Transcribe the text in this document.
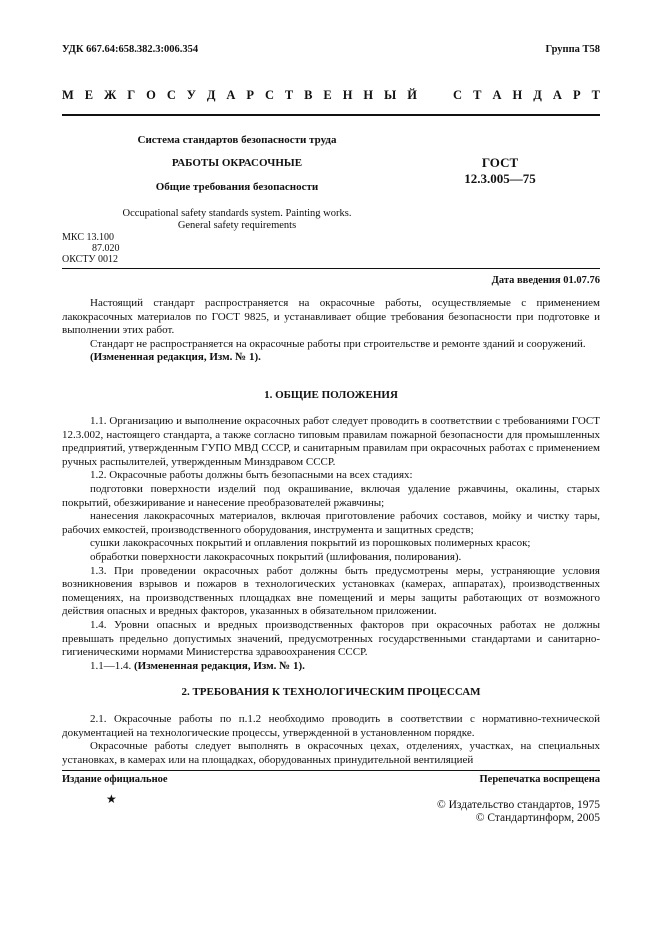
УДК 667.64:658.382.3:006.354	Группа Т58
М Е Ж Г О С У Д А Р С Т В Е Н Н Ы Й	С Т А Н Д А Р Т
Система стандартов безопасности труда
РАБОТЫ ОКРАСОЧНЫЕ
Общие требования безопасности
Occupational safety standards system. Painting works.
General safety requirements
ГОСТ
12.3.005—75
МКС 13.100
87.020
ОКСТУ 0012
Дата введения 01.07.76

Настоящий стандарт распространяется на окрасочные работы, осуществляемые с применением лакокрасочных материалов по ГОСТ 9825, и устанавливает общие требования безопасности при подготовке и выполнении этих работ.

Стандарт не распространяется на окрасочные работы при строительстве и ремонте зданий и сооружений.

(Измененная редакция, Изм. № 1).

1. ОБЩИЕ ПОЛОЖЕНИЯ

1.1. Организацию и выполнение окрасочных работ следует проводить в соответствии с требованиями ГОСТ 12.3.002, настоящего стандарта, а также согласно типовым правилам пожарной безопасности для промышленных предприятий, утвержденным ГУПО МВД СССР, и санитарным правилам при окрасочных работах с применением ручных распылителей, утвержденным Минздравом СССР.

1.2. Окрасочные работы должны быть безопасными на всех стадиях:

подготовки поверхности изделий под окрашивание, включая удаление ржавчины, окалины, старых покрытий, обезжиривание и нанесение преобразователей ржавчины;

нанесения лакокрасочных материалов, включая приготовление рабочих составов, мойку и чистку тары, рабочих емкостей, производственного оборудования, инструмента и защитных средств;

сушки лакокрасочных покрытий и оплавления покрытий из порошковых полимерных красок;

обработки поверхности лакокрасочных покрытий (шлифования, полирования).

1.3. При проведении окрасочных работ должны быть предусмотрены меры, устраняющие условия возникновения взрывов и пожаров в технологических установках (камерах, аппаратах), производственных помещениях, на производственных площадках вне помещений и меры защиты работающих от возможного действия опасных и вредных факторов, указанных в обязательном приложении.

1.4. Уровни опасных и вредных производственных факторов при окрасочных работах не должны превышать предельно допустимых значений, предусмотренных государственными стандартами и санитарно-гигиеническими нормами Министерства здравоохранения СССР.

1.1—1.4. (Измененная редакция, Изм. № 1).

2. ТРЕБОВАНИЯ К ТЕХНОЛОГИЧЕСКИМ ПРОЦЕССАМ

2.1. Окрасочные работы по п.1.2 необходимо проводить в соответствии с нормативно-технической документацией на технологические процессы, утвержденной в установленном порядке.

Окрасочные работы следует выполнять в окрасочных цехах, отделениях, участках, на специальных установках, в камерах или на площадках, оборудованных принудительной вентиляцией

Издание официальное	Перепечатка воспрещена
★	© Издательство стандартов, 1975
© Стандартинформ, 2005
